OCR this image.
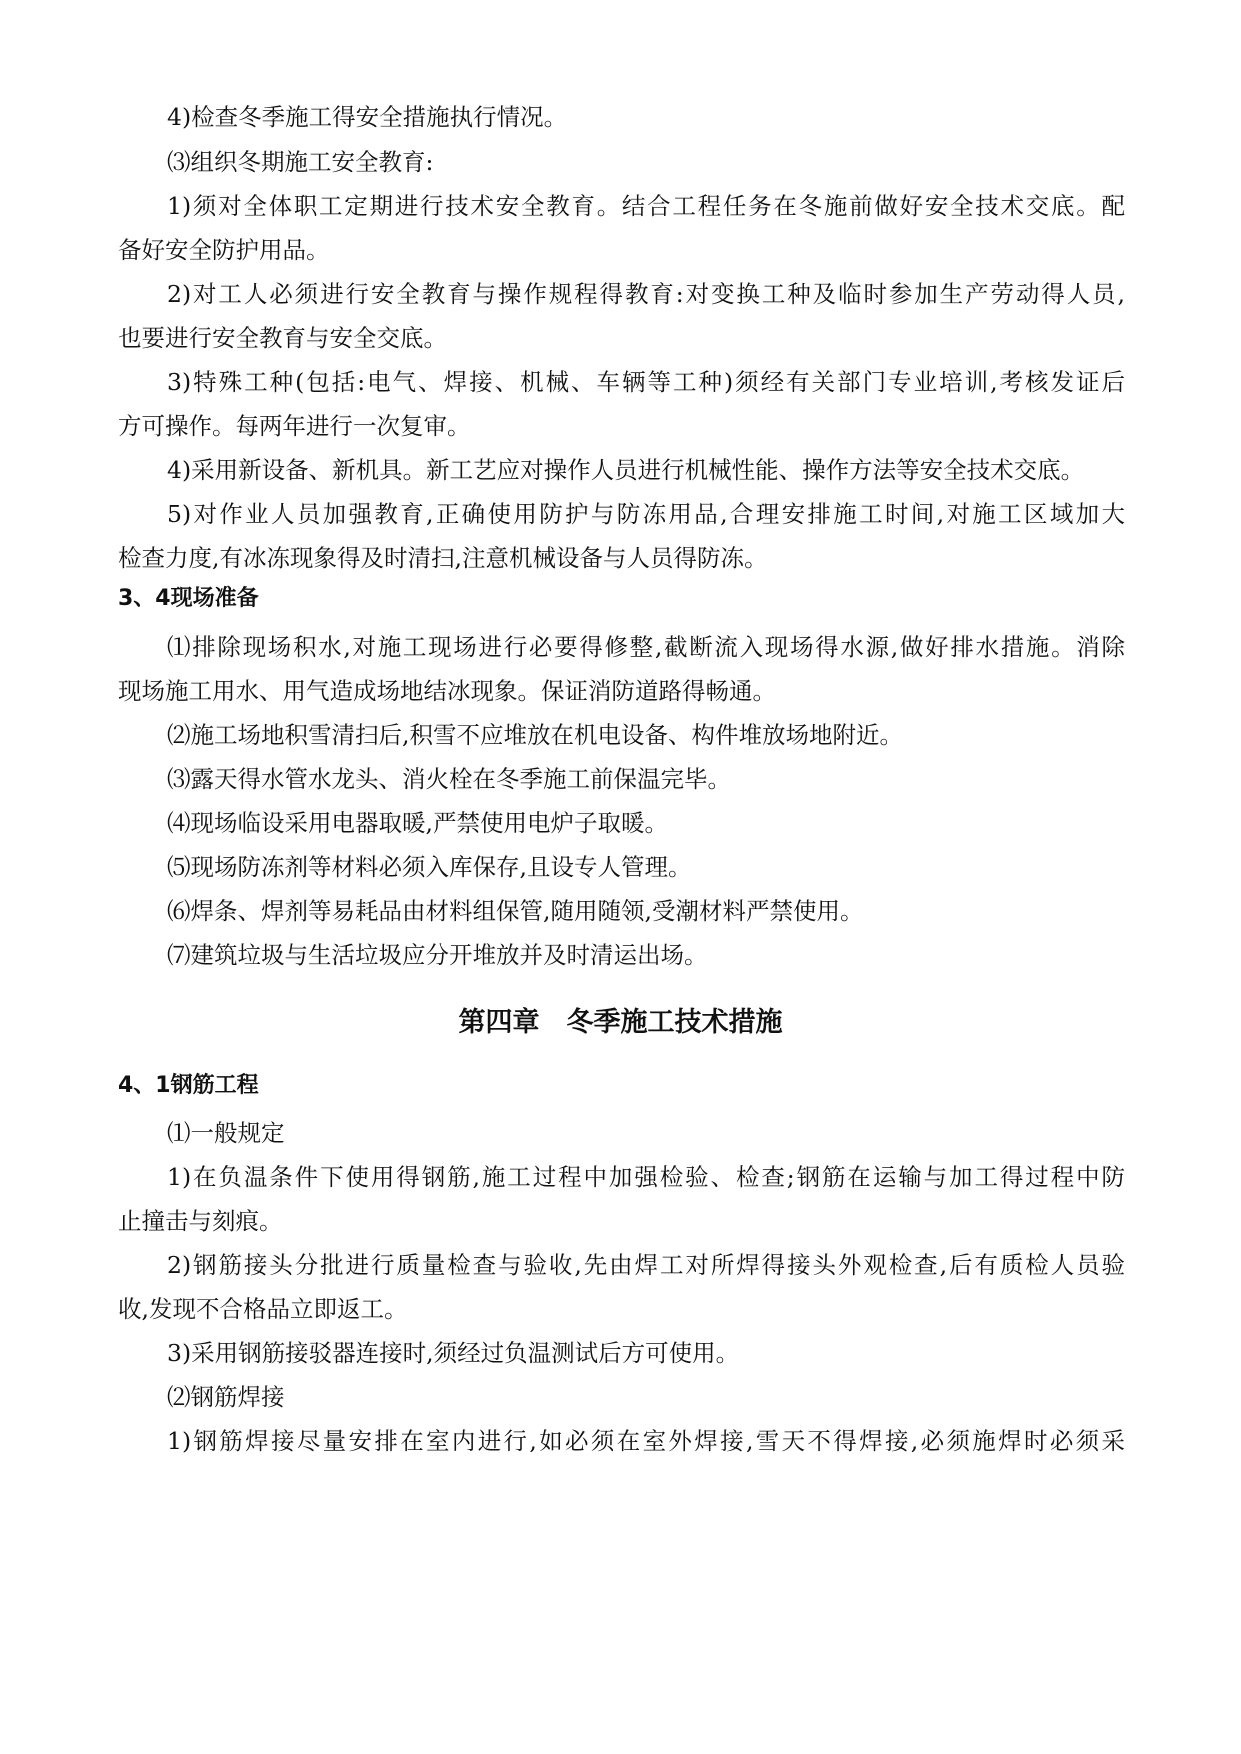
4)检查冬季施工得安全措施执行情况。
⑶组织冬期施工安全教育:
1)须对全体职工定期进行技术安全教育。结合工程任务在冬施前做好安全技术交底。配
备好安全防护用品。
2)对工人必须进行安全教育与操作规程得教育:对变换工种及临时参加生产劳动得人员,
也要进行安全教育与安全交底。
3)特殊工种(包括:电气、焊接、机械、车辆等工种)须经有关部门专业培训,考核发证后
方可操作。每两年进行一次复审。
4)采用新设备、新机具。新工艺应对操作人员进行机械性能、操作方法等安全技术交底。
5)对作业人员加强教育,正确使用防护与防冻用品,合理安排施工时间,对施工区域加大
检查力度,有冰冻现象得及时清扫,注意机械设备与人员得防冻。
3、4现场准备
⑴排除现场积水,对施工现场进行必要得修整,截断流入现场得水源,做好排水措施。消除
现场施工用水、用气造成场地结冰现象。保证消防道路得畅通。
⑵施工场地积雪清扫后,积雪不应堆放在机电设备、构件堆放场地附近。
⑶露天得水管水龙头、消火栓在冬季施工前保温完毕。
⑷现场临设采用电器取暖,严禁使用电炉子取暖。
⑸现场防冻剂等材料必须入库保存,且设专人管理。
⑹焊条、焊剂等易耗品由材料组保管,随用随领,受潮材料严禁使用。
⑺建筑垃圾与生活垃圾应分开堆放并及时清运出场。
第四章　冬季施工技术措施
4、1钢筋工程
⑴一般规定
1)在负温条件下使用得钢筋,施工过程中加强检验、检查;钢筋在运输与加工得过程中防
止撞击与刻痕。
2)钢筋接头分批进行质量检查与验收,先由焊工对所焊得接头外观检查,后有质检人员验
收,发现不合格品立即返工。
3)采用钢筋接驳器连接时,须经过负温测试后方可使用。
⑵钢筋焊接
1)钢筋焊接尽量安排在室内进行,如必须在室外焊接,雪天不得焊接,必须施焊时必须采
